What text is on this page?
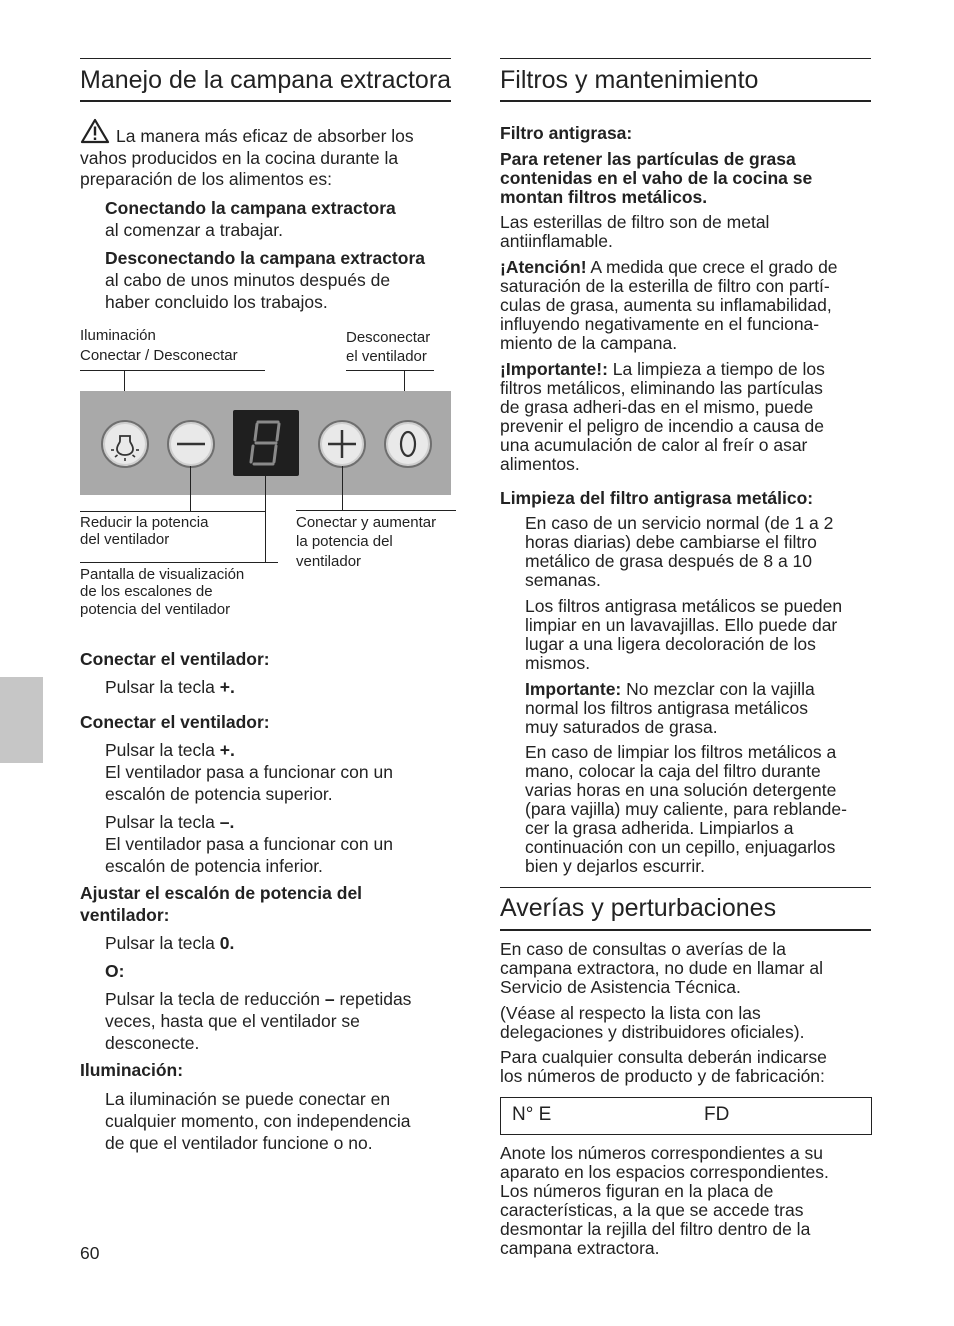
Manejo de la campana extractora
La manera más eficaz de absorber los vahos producidos en la cocina durante la preparación de los alimentos es:
Conectando la campana extractora
al comenzar a trabajar.
Desconectando la campana extractora
al cabo de unos minutos después de
haber concluido los trabajos.
Iluminación
Conectar / Desconectar
Desconectar
el ventilador
Reducir la potencia
del ventilador
Pantalla de visualización
de los escalones de
potencia del ventilador
Conectar y aumentar
la potencia del
ventilador
Conectar el ventilador:
Pulsar la tecla +.
Conectar el ventilador:
Pulsar la tecla +.
El ventilador pasa a funcionar con un
escalón de potencia superior.
Pulsar la tecla –.
El ventilador pasa a funcionar con un
escalón de potencia inferior.
Ajustar el escalón de potencia del
ventilador:
Pulsar la tecla 0.
O:
Pulsar la tecla de reducción – repetidas
veces, hasta que el ventilador se
desconecte.
Iluminación:
La iluminación se puede conectar en
cualquier momento, con independencia
de que el ventilador funcione o no.
60
Filtros y mantenimiento
Filtro antigrasa:
Para retener las partículas de grasa
contenidas en el vaho de la cocina se
montan filtros metálicos.
Las esterillas de filtro son de metal
antiinflamable.
¡Atención! A medida que crece el grado de
saturación de la esterilla de filtro con partí-
culas de grasa, aumenta su inflamabilidad,
influyendo negativamente en el funciona-
miento de la campana.
¡Importante!: La limpieza a tiempo de los
filtros metálicos, eliminando las partículas
de grasa adheri-das en el mismo, puede
prevenir el peligro de incendio a causa de
una acumulación de calor al freír o asar
alimentos.
Limpieza del filtro antigrasa metálico:
En caso de un servicio normal (de 1 a 2
horas diarias) debe cambiarse el filtro
metálico de grasa después de 8 a 10
semanas.
Los filtros antigrasa metálicos se pueden
limpiar en un lavavajillas. Ello puede dar
lugar a una ligera decoloración de los
mismos.
Importante: No mezclar con la vajilla
normal los filtros antigrasa metálicos
muy saturados de grasa.
En caso de limpiar los filtros metálicos a
mano, colocar la caja del filtro durante
varias horas en una solución detergente
(para vajilla) muy caliente, para reblande-
cer la grasa adherida. Limpiarlos a
continuación con un cepillo, enjuagarlos
bien y dejarlos escurrir.
Averías y perturbaciones
En caso de consultas o averías de la
campana extractora, no dude en llamar al
Servicio de Asistencia Técnica.
(Véase al respecto la lista con las
delegaciones y distribuidores oficiales).
Para cualquier consulta deberán indicarse
los números de producto y de fabricación:
N° E	FD
Anote los números correspondientes a su
aparato en los espacios correspondientes.
Los números figuran en la placa de
características, a la que se accede tras
desmontar la rejilla del filtro dentro de la
campana extractora.
